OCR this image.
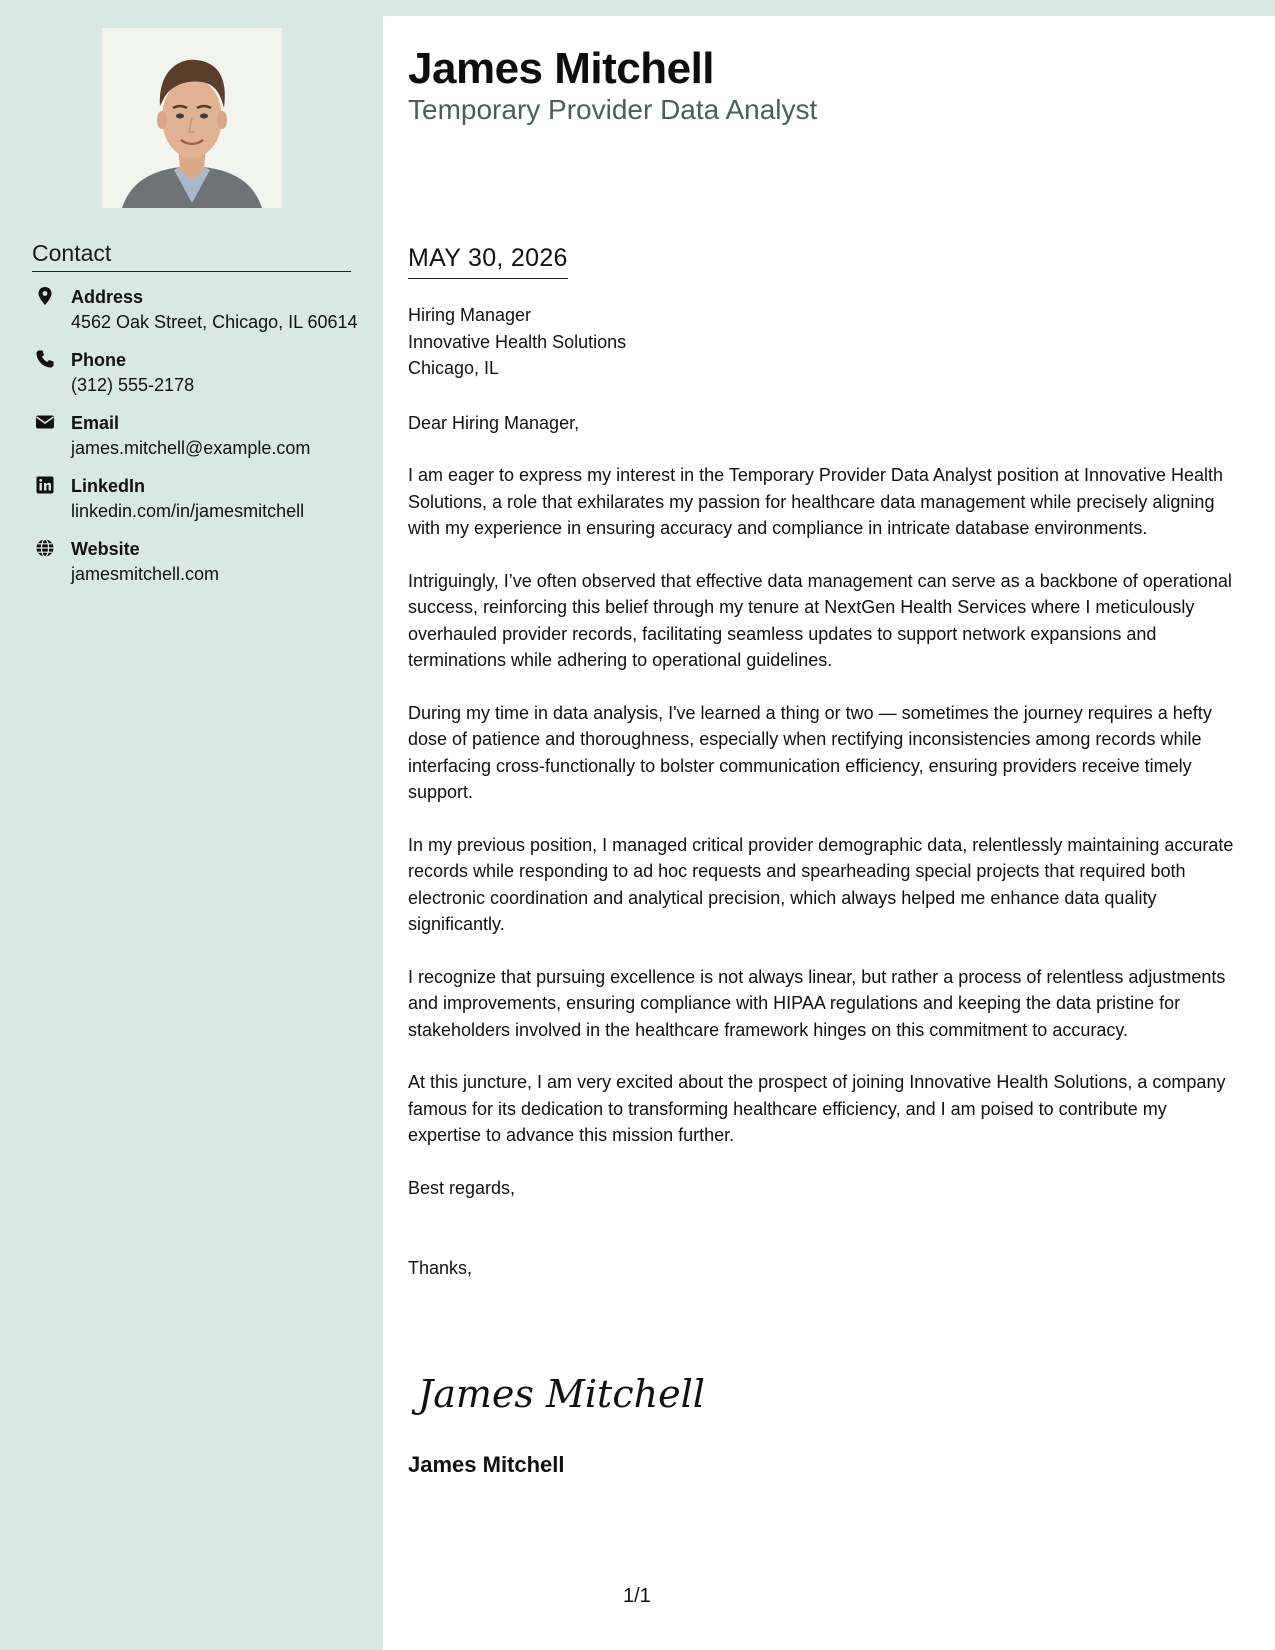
Contact
Address
4562 Oak Street, Chicago, IL 60614
Phone
(312) 555-2178
Email
james.mitchell@example.com
LinkedIn
linkedin.com/in/jamesmitchell
Website
jamesmitchell.com
James Mitchell
Temporary Provider Data Analyst
MAY 30, 2026

Hiring Manager

Innovative Health Solutions

Chicago, IL

Dear Hiring Manager,

I am eager to express my interest in the Temporary Provider Data Analyst position at Innovative Health Solutions, a role that exhilarates my passion for healthcare data management while precisely aligning with my experience in ensuring accuracy and compliance in intricate database environments.

Intriguingly, I’ve often observed that effective data management can serve as a backbone of operational success, reinforcing this belief through my tenure at NextGen Health Services where I meticulously overhauled provider records, facilitating seamless updates to support network expansions and terminations while adhering to operational guidelines.

During my time in data analysis, I've learned a thing or two — sometimes the journey requires a hefty dose of patience and thoroughness, especially when rectifying inconsistencies among records while interfacing cross-functionally to bolster communication efficiency, ensuring providers receive timely support.

In my previous position, I managed critical provider demographic data, relentlessly maintaining accurate records while responding to ad hoc requests and spearheading special projects that required both electronic coordination and analytical precision, which always helped me enhance data quality significantly.

I recognize that pursuing excellence is not always linear, but rather a process of relentless adjustments and improvements, ensuring compliance with HIPAA regulations and keeping the data pristine for stakeholders involved in the healthcare framework hinges on this commitment to accuracy.

At this juncture, I am very excited about the prospect of joining Innovative Health Solutions, a company famous for its dedication to transforming healthcare efficiency, and I am poised to contribute my expertise to advance this mission further.

Best regards,

Thanks,

James Mitchell
James Mitchell
1/1
